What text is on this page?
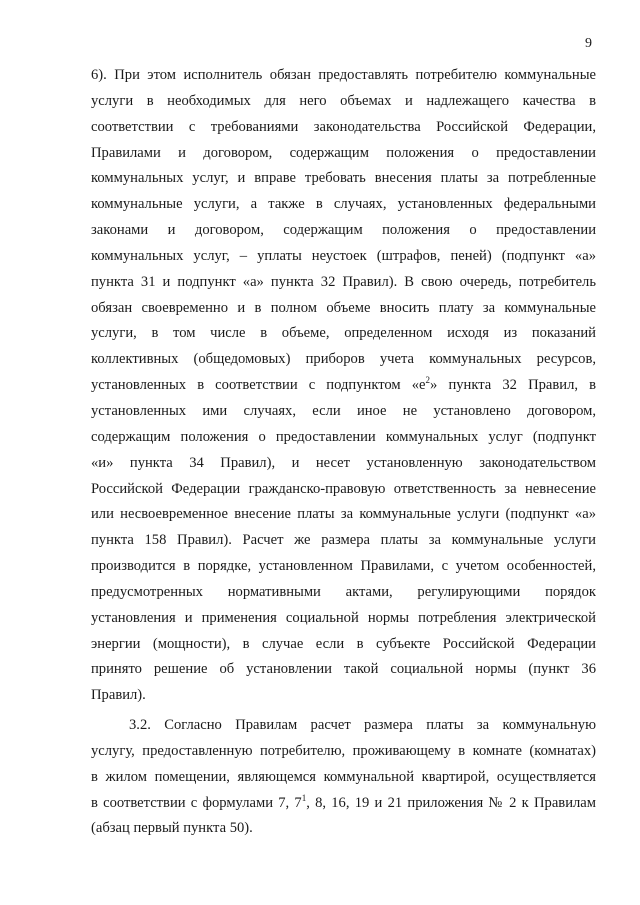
9
6). При этом исполнитель обязан предоставлять потребителю коммунальные
услуги в необходимых для него объемах и надлежащего качества в
соответствии с требованиями законодательства Российской Федерации,
Правилами и договором, содержащим положения о предоставлении
коммунальных услуг, и вправе требовать внесения платы за потребленные
коммунальные услуги, а также в случаях, установленных федеральными
законами и договором, содержащим положения о предоставлении
коммунальных услуг, – уплаты неустоек (штрафов, пеней) (подпункт «а»
пункта 31 и подпункт «а» пункта 32 Правил). В свою очередь, потребитель
обязан своевременно и в полном объеме вносить плату за коммунальные
услуги, в том числе в объеме, определенном исходя из показаний
коллективных (общедомовых) приборов учета коммунальных ресурсов,
установленных в соответствии с подпунктом «$е^2$» пункта 32 Правил, в
установленных ими случаях, если иное не установлено договором,
содержащим положения о предоставлении коммунальных услуг (подпункт
«и» пункта 34 Правил), и несет установленную законодательством
Российской Федерации гражданско-правовую ответственность за невнесение
или несвоевременное внесение платы за коммунальные услуги (подпункт «а»
пункта 158 Правил). Расчет же размера платы за коммунальные услуги
производится в порядке, установленном Правилами, с учетом особенностей,
предусмотренных нормативными актами, регулирующими порядок
установления и применения социальной нормы потребления электрической
энергии (мощности), в случае если в субъекте Российской Федерации
принято решение об установлении такой социальной нормы (пункт 36
Правил).
3.2. Согласно Правилам расчет размера платы за коммунальную
услугу, предоставленную потребителю, проживающему в комнате (комнатах)
в жилом помещении, являющемся коммунальной квартирой, осуществляется
в соответствии с формулами 7, $7^1$, 8, 16, 19 и 21 приложения № 2 к Правилам
(абзац первый пункта 50).
